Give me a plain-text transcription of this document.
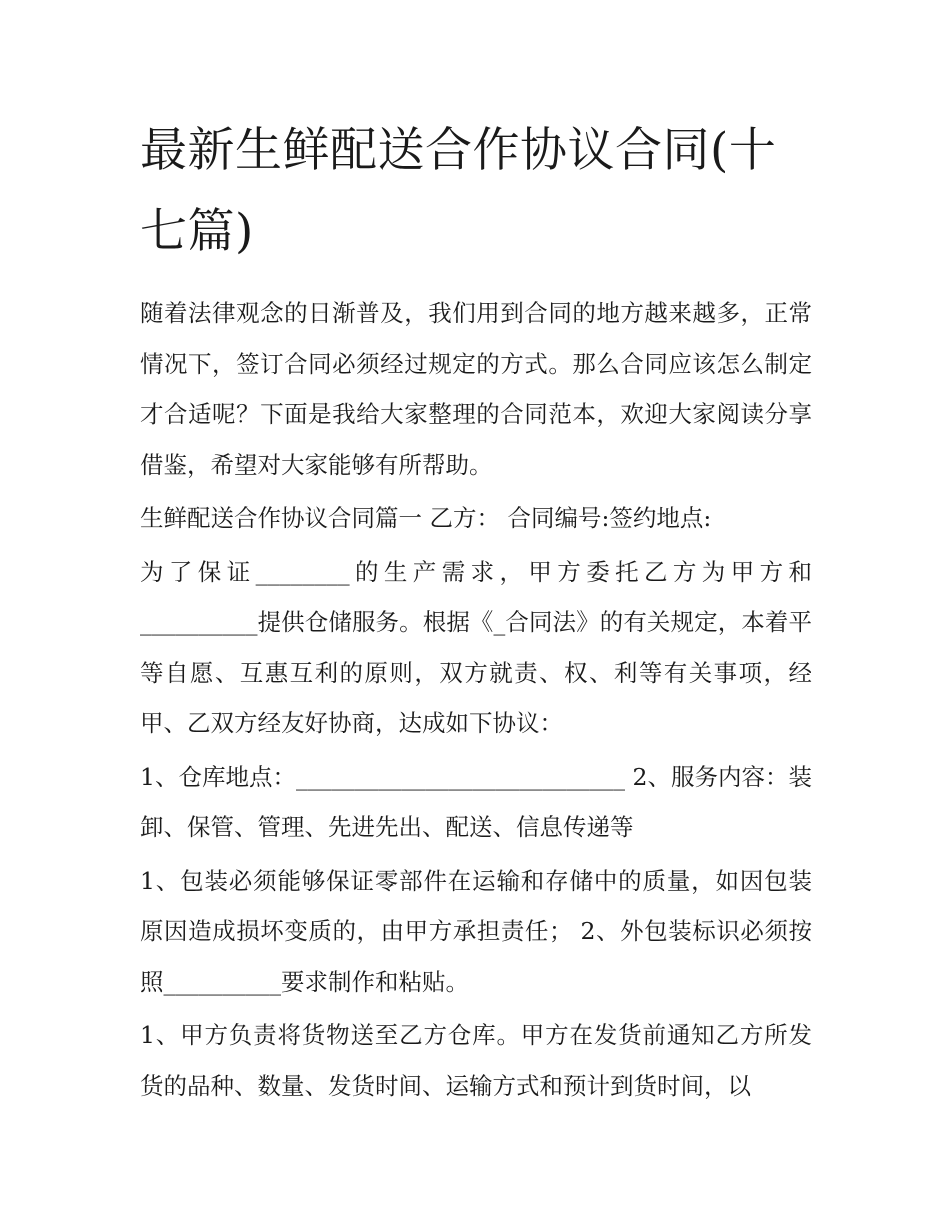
最新生鲜配送合作协议合同(十七篇)

随着法律观念的日渐普及，我们用到合同的地方越来越多，正常情况下，签订合同必须经过规定的方式。那么合同应该怎么制定才合适呢？下面是我给大家整理的合同范本，欢迎大家阅读分享借鉴，希望对大家能够有所帮助。

生鲜配送合作协议合同篇一 乙方： 合同编号:签约地点:

为了保证________的生产需求，甲方委托乙方为甲方和__________提供仓储服务。根据《_合同法》的有关规定，本着平等自愿、互惠互利的原则，双方就责、权、利等有关事项，经甲、乙双方经友好协商，达成如下协议：

1、仓库地点：____________________________ 2、服务内容：装卸、保管、管理、先进先出、配送、信息传递等

1、包装必须能够保证零部件在运输和存储中的质量，如因包装原因造成损坏变质的，由甲方承担责任； 2、外包装标识必须按照__________要求制作和粘贴。

1、甲方负责将货物送至乙方仓库。甲方在发货前通知乙方所发货的品种、数量、发货时间、运输方式和预计到货时间，以
